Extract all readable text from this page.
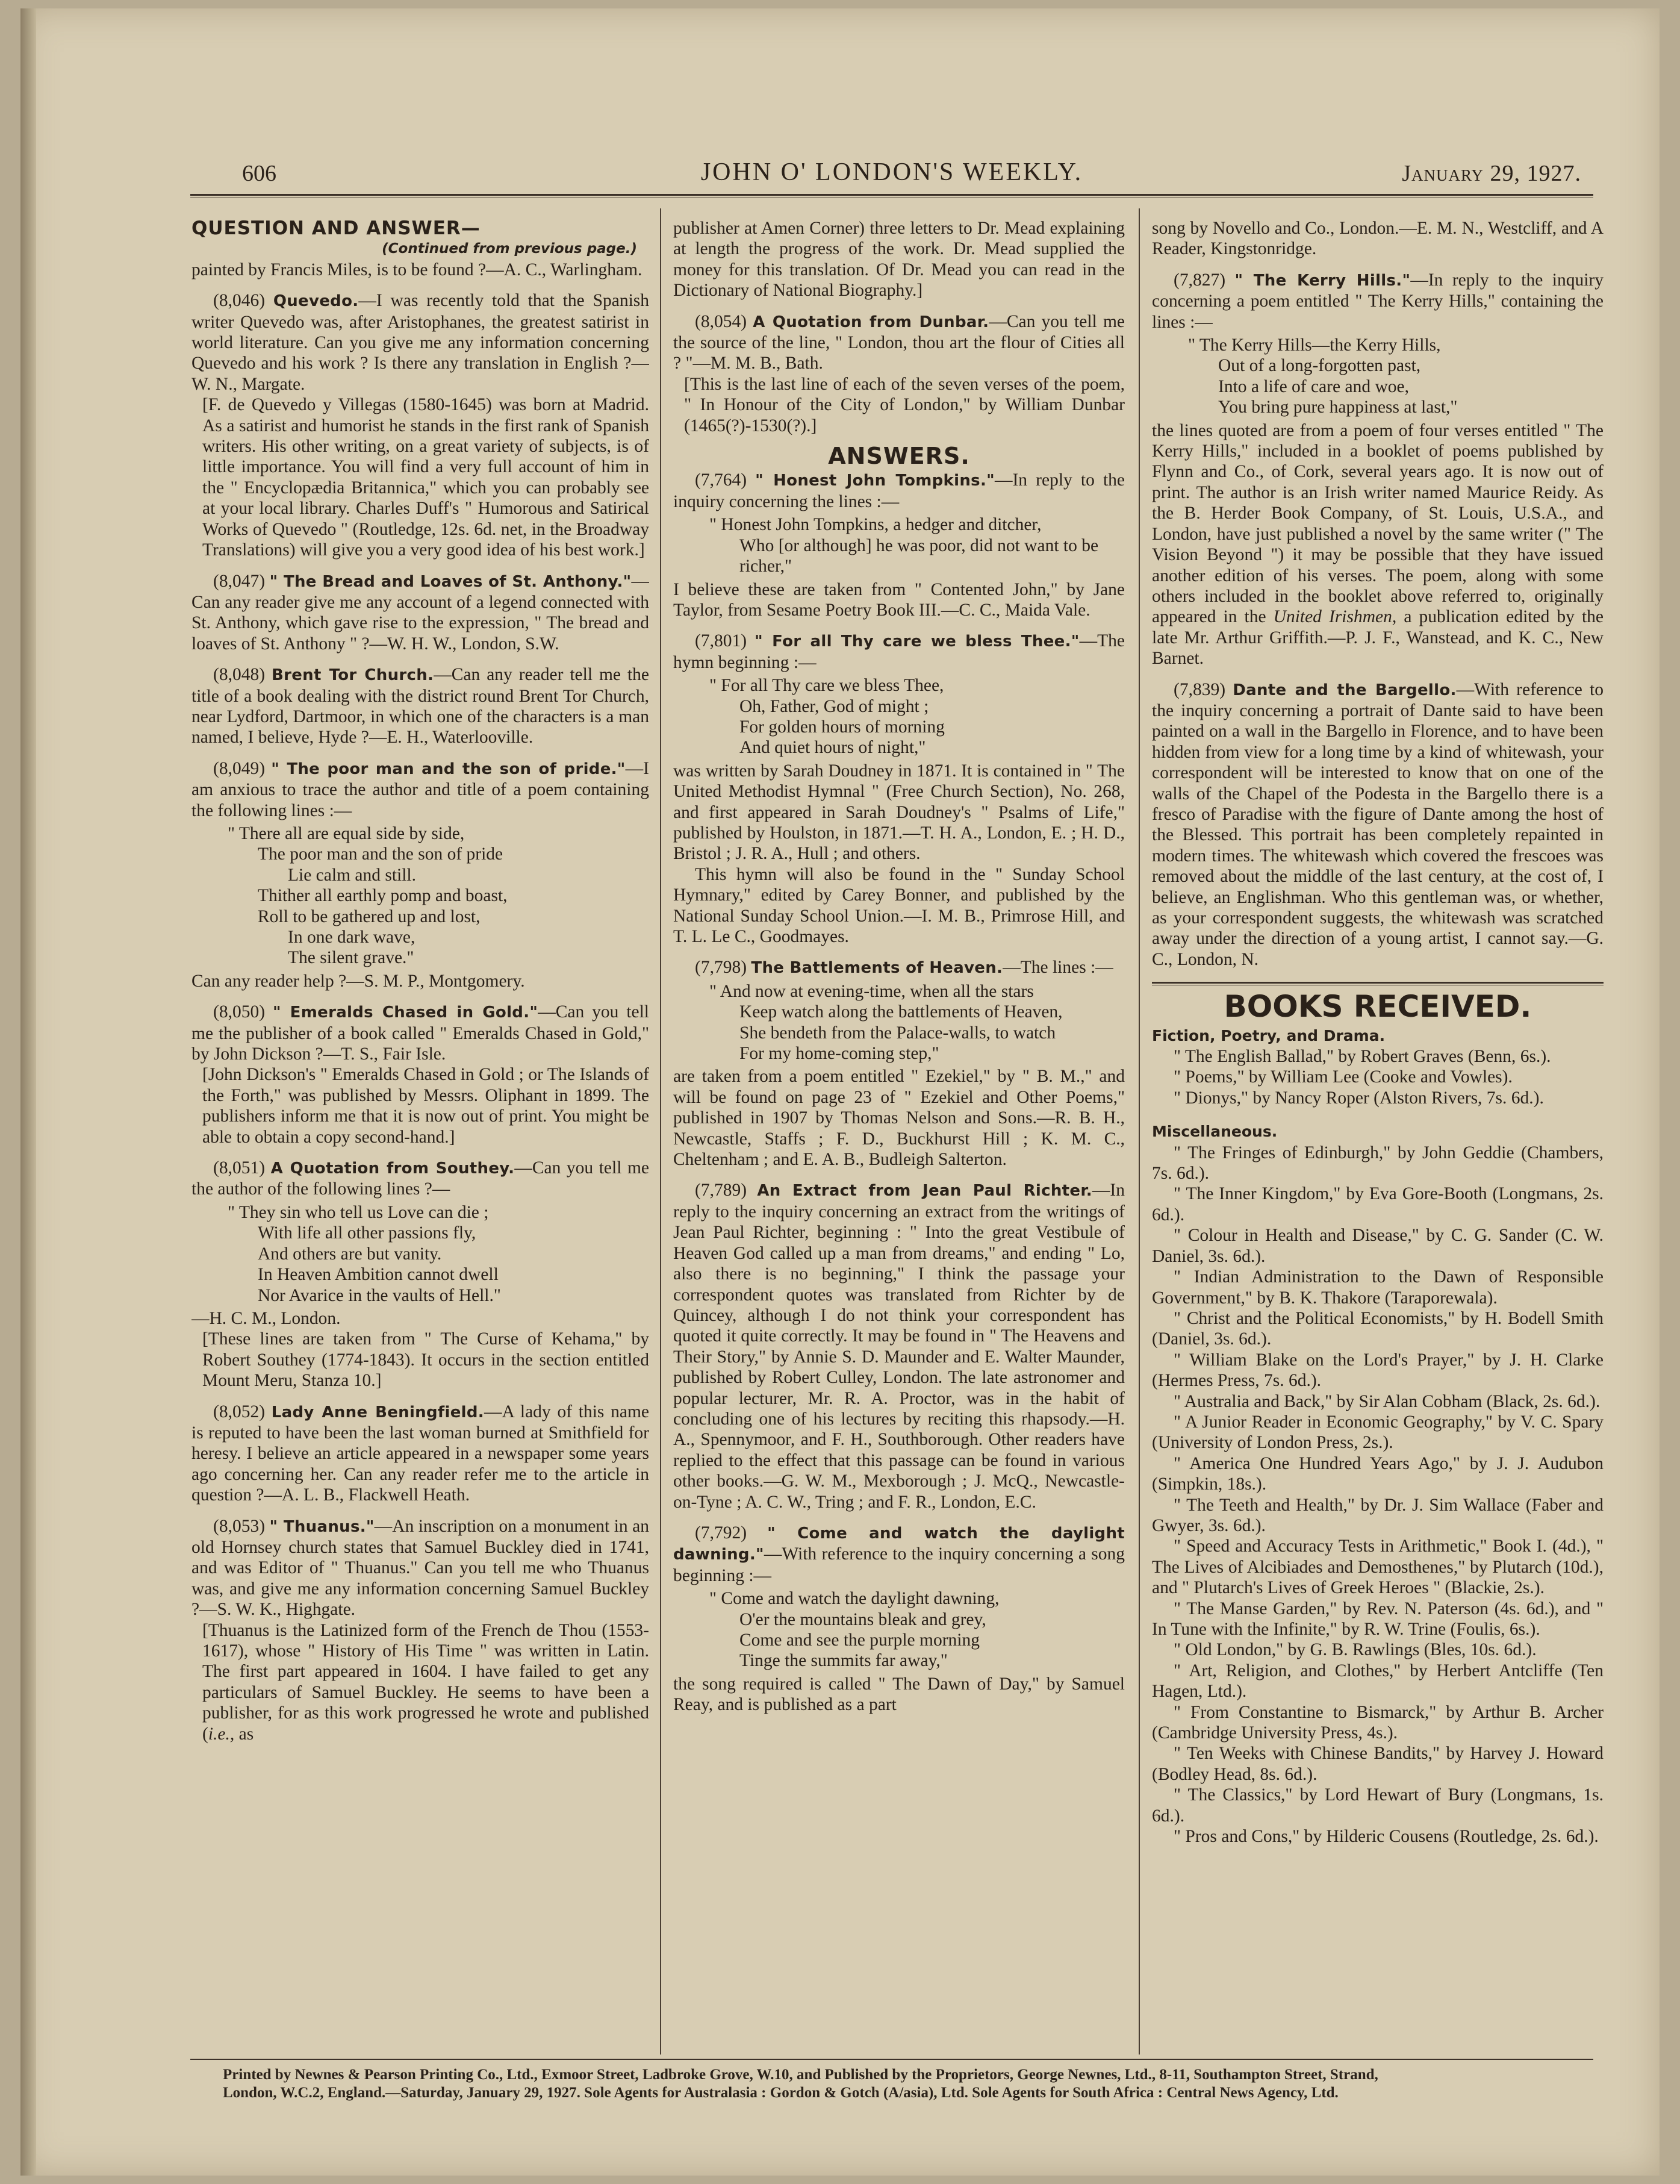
606	JOHN O' LONDON'S WEEKLY.	January 29, 1927.
QUESTION AND ANSWER—
(Continued from previous page.)

painted by Francis Miles, is to be found ?—A. C., Warlingham.

(8,046) Quevedo.—I was recently told that the Spanish writer Quevedo was, after Aristophanes, the greatest satirist in world literature. Can you give me any information concerning Quevedo and his work ? Is there any translation in English ?—W. N., Margate.

[F. de Quevedo y Villegas (1580-1645) was born at Madrid. As a satirist and humorist he stands in the first rank of Spanish writers. His other writing, on a great variety of subjects, is of little importance. You will find a very full account of him in the " Encyclopædia Britannica," which you can probably see at your local library. Charles Duff's " Humorous and Satirical Works of Quevedo " (Routledge, 12s. 6d. net, in the Broadway Translations) will give you a very good idea of his best work.]

(8,047) " The Bread and Loaves of St. Anthony."—Can any reader give me any account of a legend connected with St. Anthony, which gave rise to the expression, " The bread and loaves of St. Anthony " ?—W. H. W., London, S.W.

(8,048) Brent Tor Church.—Can any reader tell me the title of a book dealing with the district round Brent Tor Church, near Lydford, Dartmoor, in which one of the characters is a man named, I believe, Hyde ?—E. H., Waterlooville.

(8,049) " The poor man and the son of pride."—I am anxious to trace the author and title of a poem containing the following lines :—

" There all are equal side by side,
The poor man and the son of pride
Lie calm and still.
Thither all earthly pomp and boast,
Roll to be gathered up and lost,
In one dark wave,
The silent grave."

Can any reader help ?—S. M. P., Montgomery.

(8,050) " Emeralds Chased in Gold."—Can you tell me the publisher of a book called " Emeralds Chased in Gold," by John Dickson ?—T. S., Fair Isle.

[John Dickson's " Emeralds Chased in Gold ; or The Islands of the Forth," was published by Messrs. Oliphant in 1899. The publishers inform me that it is now out of print. You might be able to obtain a copy second-hand.]

(8,051) A Quotation from Southey.—Can you tell me the author of the following lines ?—

" They sin who tell us Love can die ;
With life all other passions fly,
And others are but vanity.
In Heaven Ambition cannot dwell
Nor Avarice in the vaults of Hell."

—H. C. M., London.

[These lines are taken from " The Curse of Kehama," by Robert Southey (1774-1843). It occurs in the section entitled Mount Meru, Stanza 10.]

(8,052) Lady Anne Beningfield.—A lady of this name is reputed to have been the last woman burned at Smithfield for heresy. I believe an article appeared in a newspaper some years ago concerning her. Can any reader refer me to the article in question ?—A. L. B., Flackwell Heath.

(8,053) " Thuanus."—An inscription on a monument in an old Hornsey church states that Samuel Buckley died in 1741, and was Editor of " Thuanus." Can you tell me who Thuanus was, and give me any information concerning Samuel Buckley ?—S. W. K., Highgate.

[Thuanus is the Latinized form of the French de Thou (1553-1617), whose " History of His Time " was written in Latin. The first part appeared in 1604. I have failed to get any particulars of Samuel Buckley. He seems to have been a publisher, for as this work progressed he wrote and published (i.e., as

publisher at Amen Corner) three letters to Dr. Mead explaining at length the progress of the work. Dr. Mead supplied the money for this translation. Of Dr. Mead you can read in the Dictionary of National Biography.]

(8,054) A Quotation from Dunbar.—Can you tell me the source of the line, " London, thou art the flour of Cities all ? "—M. M. B., Bath.

[This is the last line of each of the seven verses of the poem, " In Honour of the City of London," by William Dunbar (1465(?)-1530(?).]

ANSWERS.

(7,764) " Honest John Tompkins."—In reply to the inquiry concerning the lines :—

" Honest John Tompkins, a hedger and ditcher,
Who [or although] he was poor, did not want to be richer,"

I believe these are taken from " Contented John," by Jane Taylor, from Sesame Poetry Book III.—C. C., Maida Vale.

(7,801) " For all Thy care we bless Thee."—The hymn beginning :—

" For all Thy care we bless Thee,
Oh, Father, God of might ;
For golden hours of morning
And quiet hours of night,"

was written by Sarah Doudney in 1871. It is contained in " The United Methodist Hymnal " (Free Church Section), No. 268, and first appeared in Sarah Doudney's " Psalms of Life," published by Houlston, in 1871.—T. H. A., London, E. ; H. D., Bristol ; J. R. A., Hull ; and others.

This hymn will also be found in the " Sunday School Hymnary," edited by Carey Bonner, and published by the National Sunday School Union.—I. M. B., Primrose Hill, and T. L. Le C., Goodmayes.

(7,798) The Battlements of Heaven.—The lines :—

" And now at evening-time, when all the stars
Keep watch along the battlements of Heaven,
She bendeth from the Palace-walls, to watch
For my home-coming step,"

are taken from a poem entitled " Ezekiel," by " B. M.," and will be found on page 23 of " Ezekiel and Other Poems," published in 1907 by Thomas Nelson and Sons.—R. B. H., Newcastle, Staffs ; F. D., Buckhurst Hill ; K. M. C., Cheltenham ; and E. A. B., Budleigh Salterton.

(7,789) An Extract from Jean Paul Richter.—In reply to the inquiry concerning an extract from the writings of Jean Paul Richter, beginning : " Into the great Vestibule of Heaven God called up a man from dreams," and ending " Lo, also there is no beginning," I think the passage your correspondent quotes was translated from Richter by de Quincey, although I do not think your correspondent has quoted it quite correctly. It may be found in " The Heavens and Their Story," by Annie S. D. Maunder and E. Walter Maunder, published by Robert Culley, London. The late astronomer and popular lecturer, Mr. R. A. Proctor, was in the habit of concluding one of his lectures by reciting this rhapsody.—H. A., Spennymoor, and F. H., Southborough. Other readers have replied to the effect that this passage can be found in various other books.—G. W. M., Mexborough ; J. McQ., Newcastle-on-Tyne ; A. C. W., Tring ; and F. R., London, E.C.

(7,792) " Come and watch the daylight dawning."—With reference to the inquiry concerning a song beginning :—

" Come and watch the daylight dawning,
O'er the mountains bleak and grey,
Come and see the purple morning
Tinge the summits far away,"

the song required is called " The Dawn of Day," by Samuel Reay, and is published as a part

song by Novello and Co., London.—E. M. N., Westcliff, and A Reader, Kingstonridge.

(7,827) " The Kerry Hills."—In reply to the inquiry concerning a poem entitled " The Kerry Hills," containing the lines :—

" The Kerry Hills—the Kerry Hills,
Out of a long-forgotten past,
Into a life of care and woe,
You bring pure happiness at last,"

the lines quoted are from a poem of four verses entitled " The Kerry Hills," included in a booklet of poems published by Flynn and Co., of Cork, several years ago. It is now out of print. The author is an Irish writer named Maurice Reidy. As the B. Herder Book Company, of St. Louis, U.S.A., and London, have just published a novel by the same writer (" The Vision Beyond ") it may be possible that they have issued another edition of his verses. The poem, along with some others included in the booklet above referred to, originally appeared in the United Irishmen, a publication edited by the late Mr. Arthur Griffith.—P. J. F., Wanstead, and K. C., New Barnet.

(7,839) Dante and the Bargello.—With reference to the inquiry concerning a portrait of Dante said to have been painted on a wall in the Bargello in Florence, and to have been hidden from view for a long time by a kind of whitewash, your correspondent will be interested to know that on one of the walls of the Chapel of the Podesta in the Bargello there is a fresco of Paradise with the figure of Dante among the host of the Blessed. This portrait has been completely repainted in modern times. The whitewash which covered the frescoes was removed about the middle of the last century, at the cost of, I believe, an Englishman. Who this gentleman was, or whether, as your correspondent suggests, the whitewash was scratched away under the direction of a young artist, I cannot say.—G. C., London, N.

BOOKS RECEIVED.
Fiction, Poetry, and Drama.

" The English Ballad," by Robert Graves (Benn, 6s.).

" Poems," by William Lee (Cooke and Vowles).

" Dionys," by Nancy Roper (Alston Rivers, 7s. 6d.).

Miscellaneous.

" The Fringes of Edinburgh," by John Geddie (Chambers, 7s. 6d.).

" The Inner Kingdom," by Eva Gore-Booth (Longmans, 2s. 6d.).

" Colour in Health and Disease," by C. G. Sander (C. W. Daniel, 3s. 6d.).

" Indian Administration to the Dawn of Responsible Government," by B. K. Thakore (Taraporewala).

" Christ and the Political Economists," by H. Bodell Smith (Daniel, 3s. 6d.).

" William Blake on the Lord's Prayer," by J. H. Clarke (Hermes Press, 7s. 6d.).

" Australia and Back," by Sir Alan Cobham (Black, 2s. 6d.).

" A Junior Reader in Economic Geography," by V. C. Spary (University of London Press, 2s.).

" America One Hundred Years Ago," by J. J. Audubon (Simpkin, 18s.).

" The Teeth and Health," by Dr. J. Sim Wallace (Faber and Gwyer, 3s. 6d.).

" Speed and Accuracy Tests in Arithmetic," Book I. (4d.), " The Lives of Alcibiades and Demosthenes," by Plutarch (10d.), and " Plutarch's Lives of Greek Heroes " (Blackie, 2s.).

" The Manse Garden," by Rev. N. Paterson (4s. 6d.), and " In Tune with the Infinite," by R. W. Trine (Foulis, 6s.).

" Old London," by G. B. Rawlings (Bles, 10s. 6d.).

" Art, Religion, and Clothes," by Herbert Antcliffe (Ten Hagen, Ltd.).

" From Constantine to Bismarck," by Arthur B. Archer (Cambridge University Press, 4s.).

" Ten Weeks with Chinese Bandits," by Harvey J. Howard (Bodley Head, 8s. 6d.).

" The Classics," by Lord Hewart of Bury (Longmans, 1s. 6d.).

" Pros and Cons," by Hilderic Cousens (Routledge, 2s. 6d.).

Printed by Newnes & Pearson Printing Co., Ltd., Exmoor Street, Ladbroke Grove, W.10, and Published by the Proprietors, George Newnes, Ltd., 8-11, Southampton Street, Strand,
London, W.C.2, England.—Saturday, January 29, 1927. Sole Agents for Australasia : Gordon & Gotch (A/asia), Ltd. Sole Agents for South Africa : Central News Agency, Ltd.
